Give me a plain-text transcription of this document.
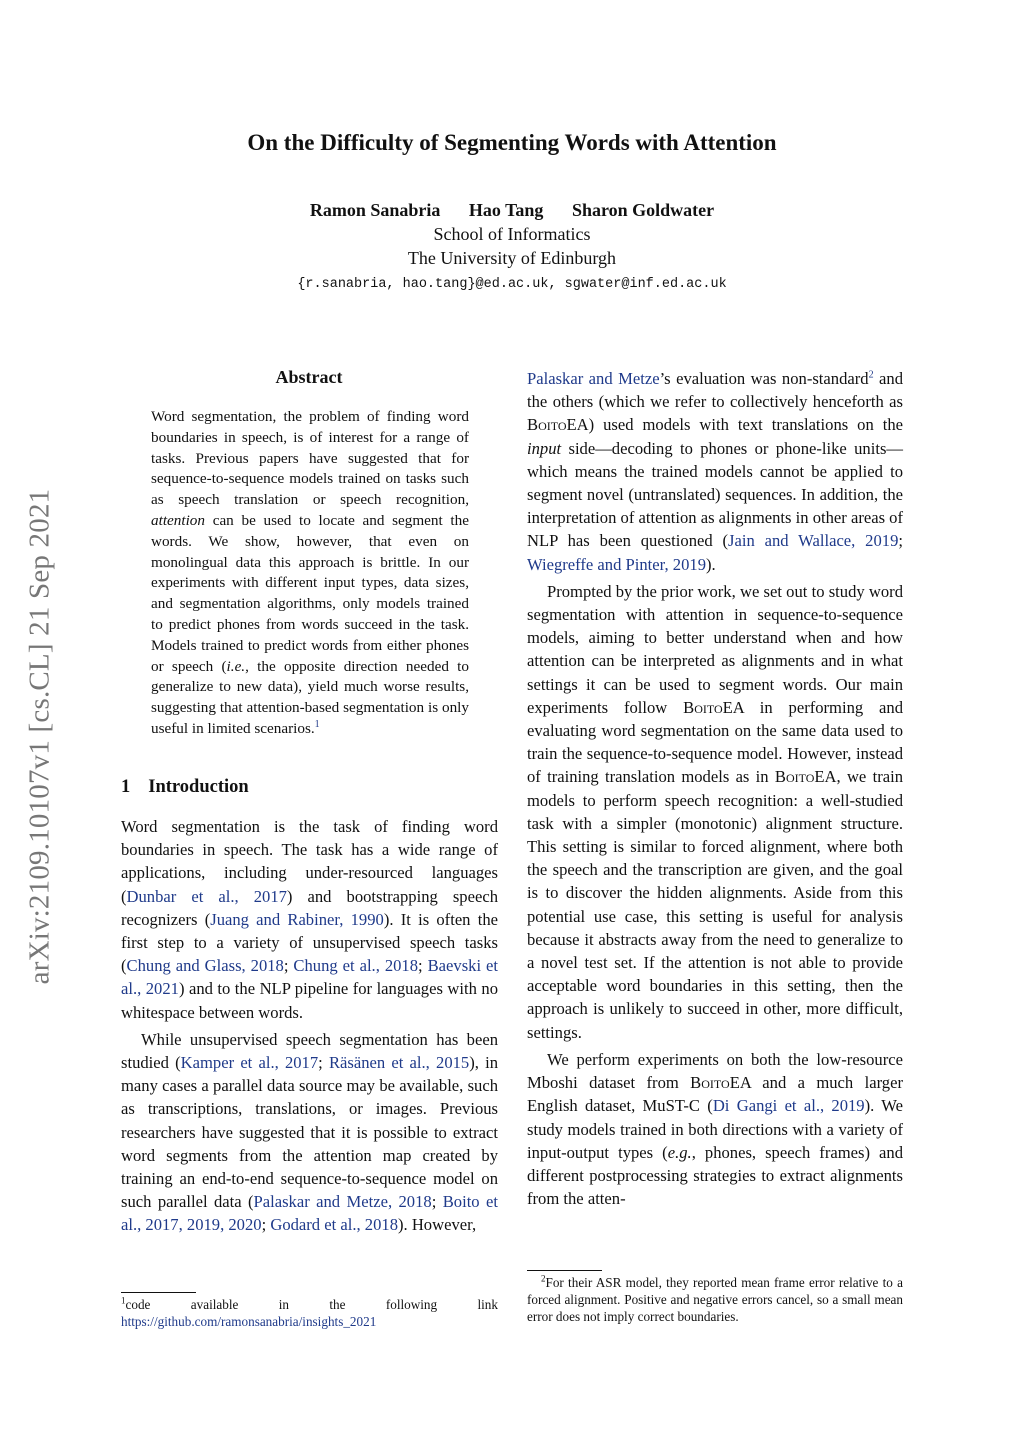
On the Difficulty of Segmenting Words with Attention
Ramon Sanabria Hao Tang Sharon Goldwater
School of Informatics
The University of Edinburgh
{r.sanabria, hao.tang}@ed.ac.uk, sgwater@inf.ed.ac.uk
arXiv:2109.10107v1 [cs.CL] 21 Sep 2021
Abstract
Word segmentation, the problem of finding word boundaries in speech, is of interest for a range of tasks. Previous papers have suggested that for sequence-to-sequence models trained on tasks such as speech translation or speech recognition, attention can be used to locate and segment the words. We show, however, that even on monolingual data this approach is brittle. In our experiments with different input types, data sizes, and segmentation algorithms, only models trained to predict phones from words succeed in the task. Models trained to predict words from either phones or speech (i.e., the opposite direction needed to generalize to new data), yield much worse results, suggesting that attention-based segmentation is only useful in limited scenarios.$^1$
1 Introduction

Word segmentation is the task of finding word boundaries in speech. The task has a wide range of applications, including under-resourced languages (Dunbar et al., 2017) and bootstrapping speech recognizers (Juang and Rabiner, 1990). It is often the first step to a variety of unsupervised speech tasks (Chung and Glass, 2018; Chung et al., 2018; Baevski et al., 2021) and to the NLP pipeline for languages with no whitespace between words.

While unsupervised speech segmentation has been studied (Kamper et al., 2017; Räsänen et al., 2015), in many cases a parallel data source may be available, such as transcriptions, translations, or images. Previous researchers have suggested that it is possible to extract word segments from the attention map created by training an end-to-end sequence-to-sequence model on such parallel data (Palaskar and Metze, 2018; Boito et al., 2017, 2019, 2020; Godard et al., 2018). However,

$^1$code available in the following link
https://github.com/ramonsanabria/insights_2021

Palaskar and Metze’s evaluation was non-standard$^2$ and the others (which we refer to collectively henceforth as BoitoEA) used models with text translations on the input side—decoding to phones or phone-like units—which means the trained models cannot be applied to segment novel (untranslated) sequences. In addition, the interpretation of attention as alignments in other areas of NLP has been questioned (Jain and Wallace, 2019; Wiegreffe and Pinter, 2019).

Prompted by the prior work, we set out to study word segmentation with attention in sequence-to-sequence models, aiming to better understand when and how attention can be interpreted as alignments and in what settings it can be used to segment words. Our main experiments follow BoitoEA in performing and evaluating word segmentation on the same data used to train the sequence-to-sequence model. However, instead of training translation models as in BoitoEA, we train models to perform speech recognition: a well-studied task with a simpler (monotonic) alignment structure. This setting is similar to forced alignment, where both the speech and the transcription are given, and the goal is to discover the hidden alignments. Aside from this potential use case, this setting is useful for analysis because it abstracts away from the need to generalize to a novel test set. If the attention is not able to provide acceptable word boundaries in this setting, then the approach is unlikely to succeed in other, more difficult, settings.

We perform experiments on both the low-resource Mboshi dataset from BoitoEA and a much larger English dataset, MuST-C (Di Gangi et al., 2019). We study models trained in both directions with a variety of input-output types (e.g., phones, speech frames) and different postprocessing strategies to extract alignments from the atten-

$^2$For their ASR model, they reported mean frame error relative to a forced alignment. Positive and negative errors cancel, so a small mean error does not imply correct boundaries.
